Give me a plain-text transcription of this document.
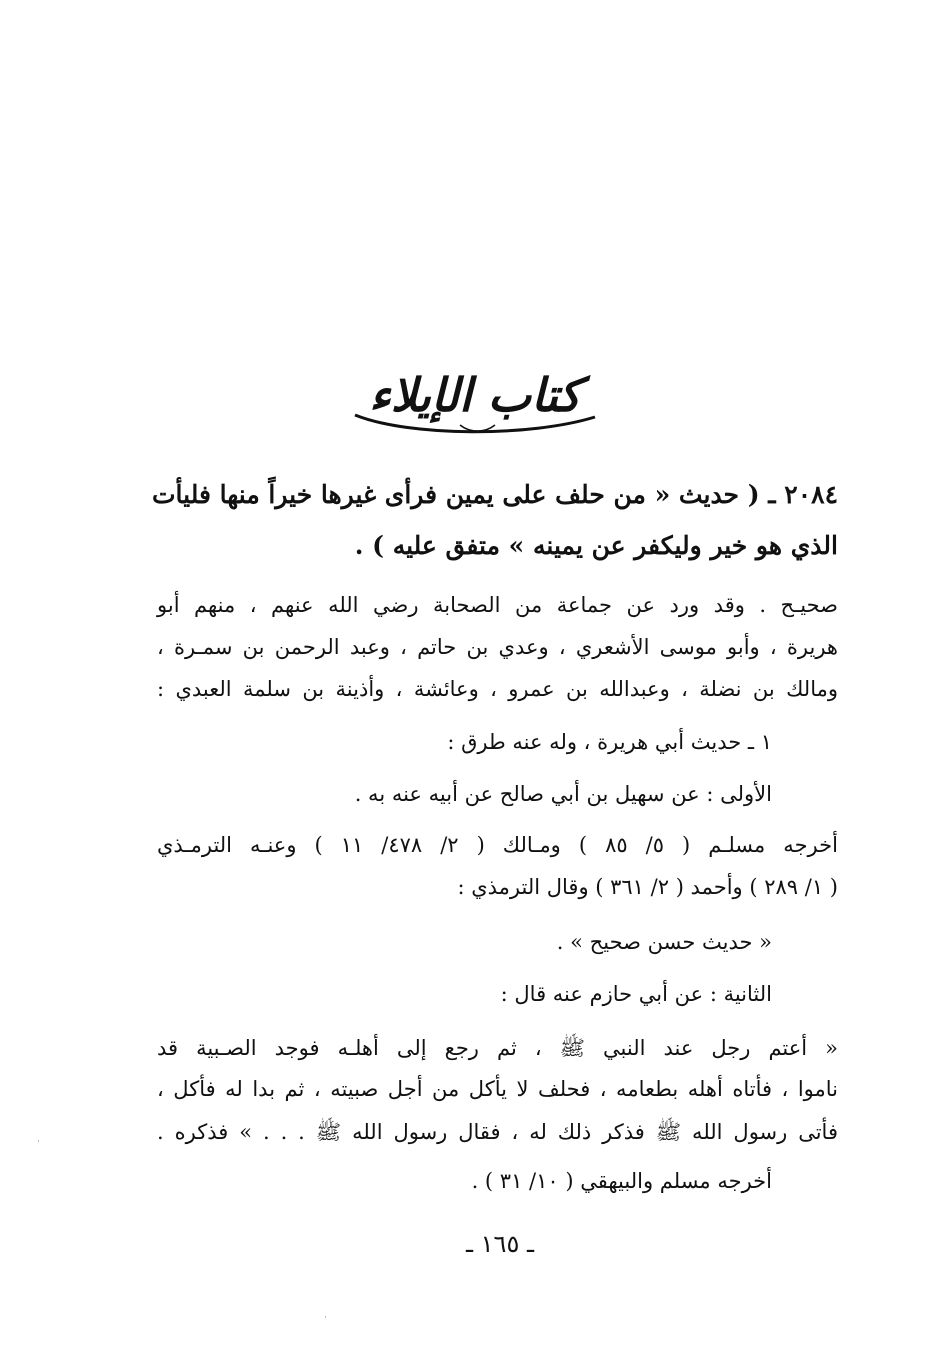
كتاب الإيلاء
٢٠٨٤ ـ ( حديث « من حلف على يمين فرأى غيرها خيراً منها فليأت
الذي هو خير وليكفر عن يمينه » متفق عليه ) .
صحيـح . وقد ورد عن جماعة من الصحابة رضي الله عنهم ، منهم أبو
هريرة ، وأبو موسى الأشعري ، وعدي بن حاتم ، وعبد الرحمن بن سمـرة ،
ومالك بن نضلة ، وعبدالله بن عمرو ، وعائشة ، وأذينة بن سلمة العبدي :
١ ـ حديث أبي هريرة ، وله عنه طرق :
الأولى : عن سهيل بن أبي صالح عن أبيه عنه به .
أخرجه مسلـم ( ٥/ ٨٥ ) ومـالك ( ٢/ ٤٧٨/ ١١ ) وعنـه الترمـذي
( ١/ ٢٨٩ ) وأحمد ( ٢/ ٣٦١ ) وقال الترمذي :
« حديث حسن صحيح » .
الثانية : عن أبي حازم عنه قال :
« أعتم رجل عند النبي ﷺ ، ثم رجع إلى أهلـه فوجد الصـبية قد
ناموا ، فأتاه أهله بطعامه ، فحلف لا يأكل من أجل صبيته ، ثم بدا له فأكل ،
فأتى رسول الله ﷺ فذكر ذلك له ، فقال رسول الله ﷺ . . . » فذكره .
أخرجه مسلم والبيهقي ( ١٠/ ٣١ ) .
ـ ١٦٥ ـ
